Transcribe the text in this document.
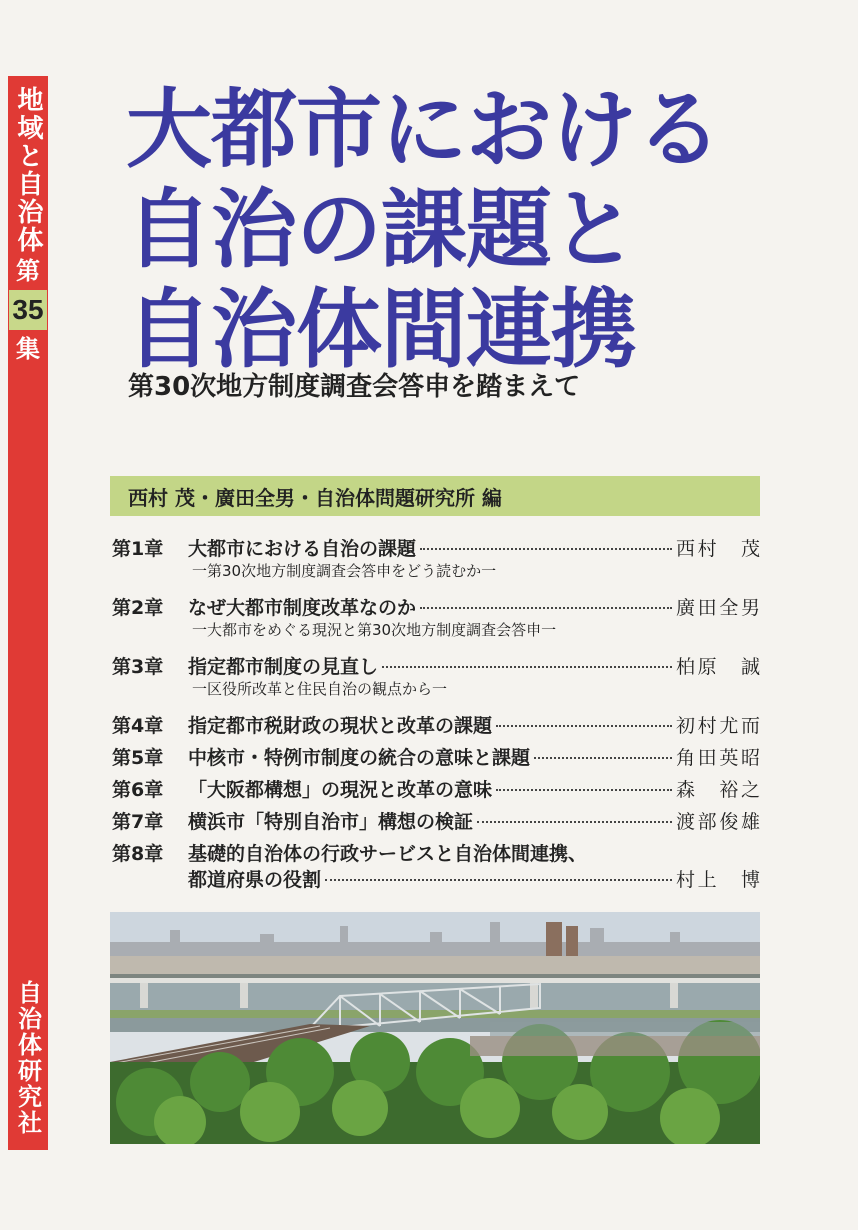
地域と自治体
第
35
集
自治体研究社
大都市における
自治の課題と
自治体間連携
第30次地方制度調査会答申を踏まえて
西村 茂・廣田全男・自治体問題研究所 編
第1章	大都市における自治の課題	西村　茂
一第30次地方制度調査会答申をどう読むか一
第2章	なぜ大都市制度改革なのか	廣田全男
一大都市をめぐる現況と第30次地方制度調査会答申一
第3章	指定都市制度の見直し	柏原　誠
一区役所改革と住民自治の観点から一
第4章	指定都市税財政の現状と改革の課題	初村尤而
第5章	中核市・特例市制度の統合の意味と課題	角田英昭
第6章	「大阪都構想」の現況と改革の意味	森　裕之
第7章	横浜市「特別自治市」構想の検証	渡部俊雄
第8章	基礎的自治体の行政サービスと自治体間連携、
都道府県の役割	村上　博
